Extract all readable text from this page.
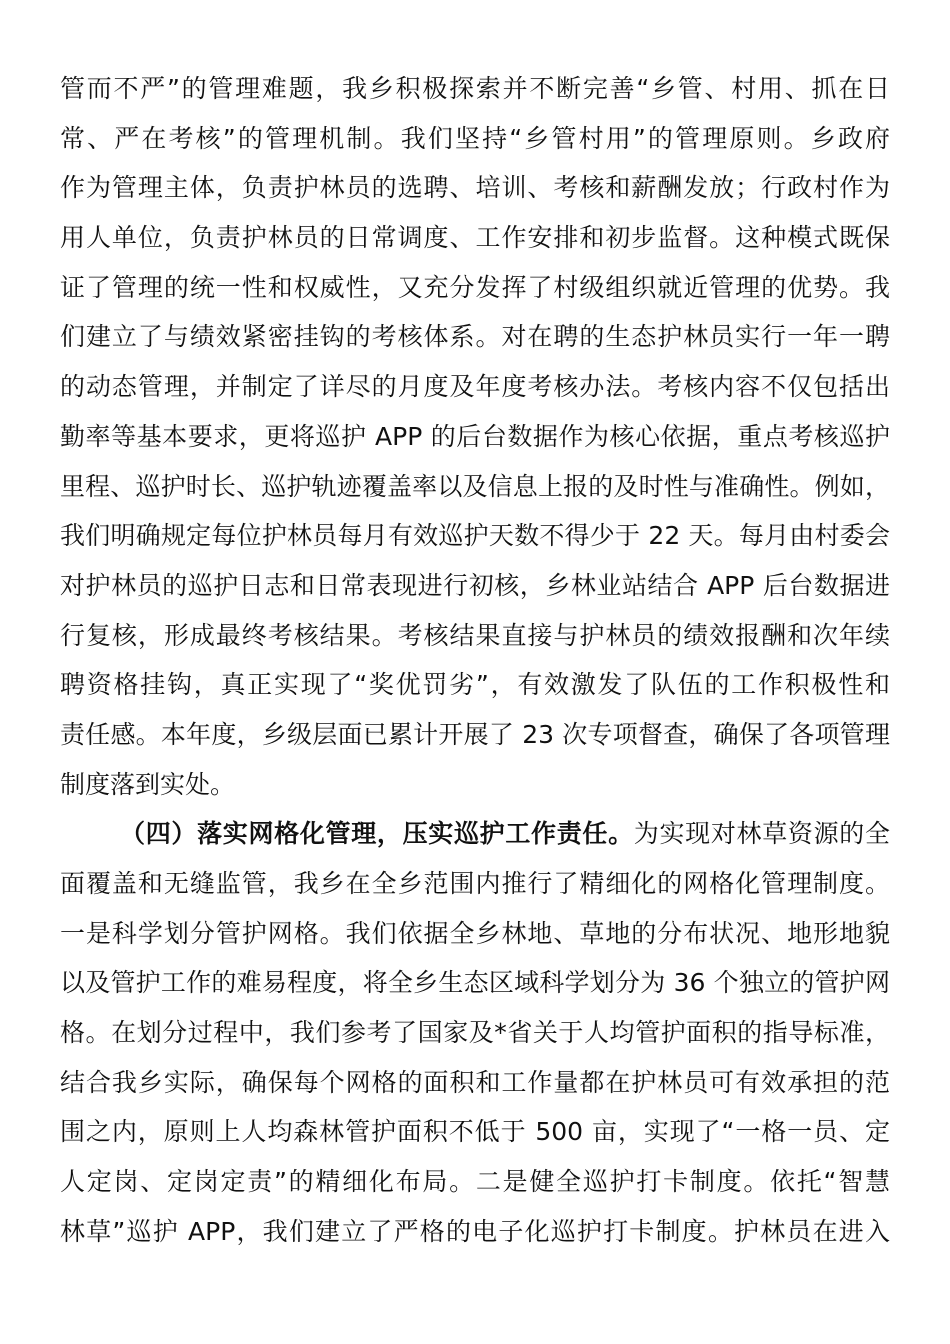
管而不严”的管理难题，我乡积极探索并不断完善“乡管、村用、抓在日
常、严在考核”的管理机制。我们坚持“乡管村用”的管理原则。乡政府
作为管理主体，负责护林员的选聘、培训、考核和薪酬发放；行政村作为
用人单位，负责护林员的日常调度、工作安排和初步监督。这种模式既保
证了管理的统一性和权威性，又充分发挥了村级组织就近管理的优势。我
们建立了与绩效紧密挂钩的考核体系。对在聘的生态护林员实行一年一聘
的动态管理，并制定了详尽的月度及年度考核办法。考核内容不仅包括出
勤率等基本要求，更将巡护 APP 的后台数据作为核心依据，重点考核巡护
里程、巡护时长、巡护轨迹覆盖率以及信息上报的及时性与准确性。例如，
我们明确规定每位护林员每月有效巡护天数不得少于 22 天。每月由村委会
对护林员的巡护日志和日常表现进行初核，乡林业站结合 APP 后台数据进
行复核，形成最终考核结果。考核结果直接与护林员的绩效报酬和次年续
聘资格挂钩，真正实现了“奖优罚劣”，有效激发了队伍的工作积极性和
责任感。本年度，乡级层面已累计开展了 23 次专项督查，确保了各项管理
制度落到实处。
（四）落实网格化管理，压实巡护工作责任。为实现对林草资源的全
面覆盖和无缝监管，我乡在全乡范围内推行了精细化的网格化管理制度。
一是科学划分管护网格。我们依据全乡林地、草地的分布状况、地形地貌
以及管护工作的难易程度，将全乡生态区域科学划分为 36 个独立的管护网
格。在划分过程中，我们参考了国家及*省关于人均管护面积的指导标准，
结合我乡实际，确保每个网格的面积和工作量都在护林员可有效承担的范
围之内，原则上人均森林管护面积不低于 500 亩，实现了“一格一员、定
人定岗、定岗定责”的精细化布局。二是健全巡护打卡制度。依托“智慧
林草”巡护 APP，我们建立了严格的电子化巡护打卡制度。护林员在进入
